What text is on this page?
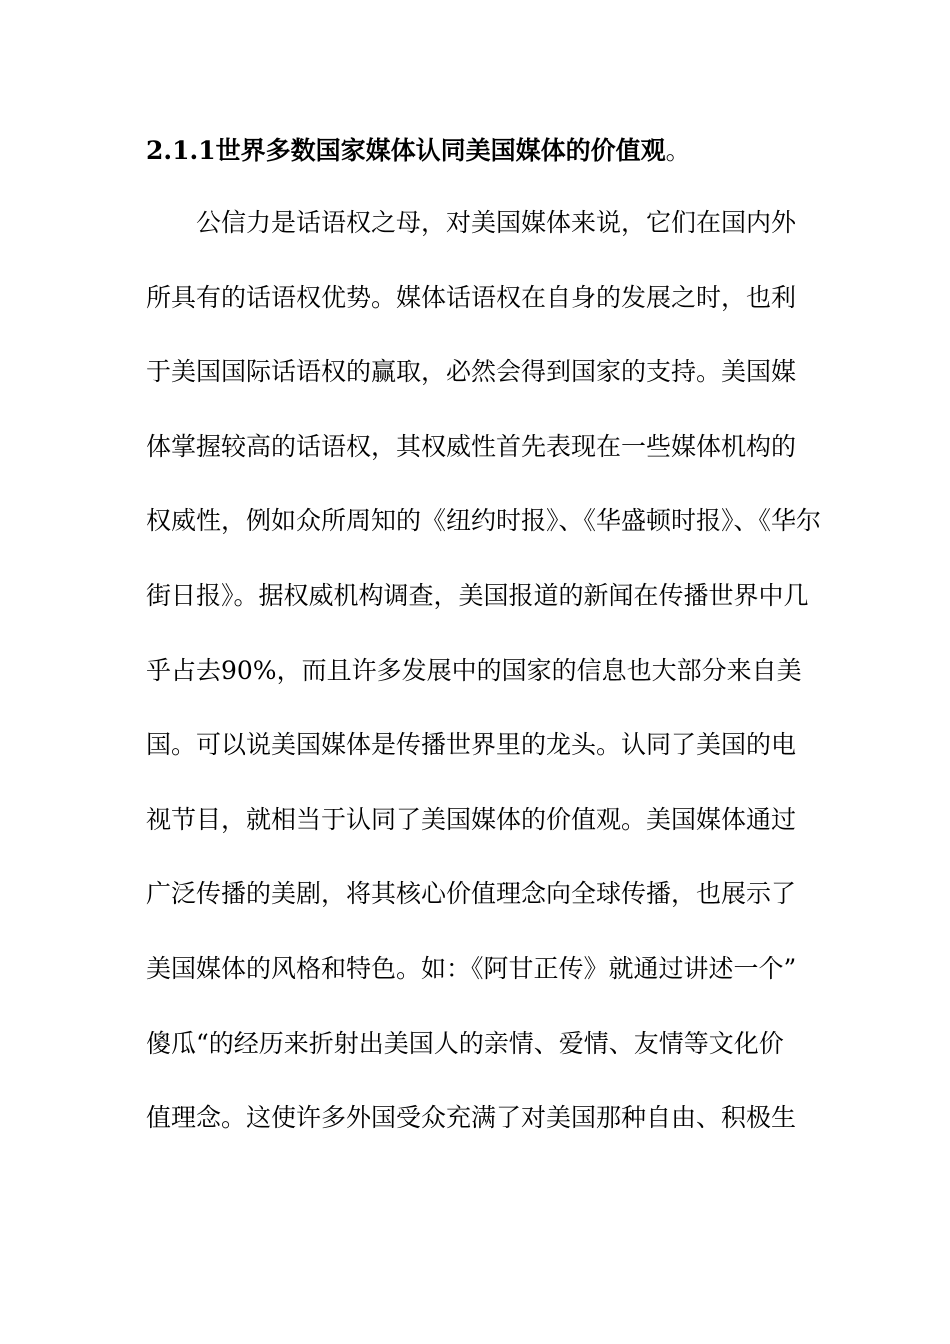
2.1.1世界多数国家媒体认同美国媒体的价值观。
公信力是话语权之母，对美国媒体来说，它们在国内外
所具有的话语权优势。媒体话语权在自身的发展之时，也利
于美国国际话语权的赢取，必然会得到国家的支持。美国媒
体掌握较高的话语权，其权威性首先表现在一些媒体机构的
权威性，例如众所周知的《纽约时报》、《华盛顿时报》、《华尔
街日报》。据权威机构调查，美国报道的新闻在传播世界中几
乎占去90%，而且许多发展中的国家的信息也大部分来自美
国。可以说美国媒体是传播世界里的龙头。认同了美国的电
视节目，就相当于认同了美国媒体的价值观。美国媒体通过
广泛传播的美剧，将其核心价值理念向全球传播，也展示了
美国媒体的风格和特色。如：《阿甘正传》就通过讲述一个”
傻瓜“的经历来折射出美国人的亲情、爱情、友情等文化价
值理念。这使许多外国受众充满了对美国那种自由、积极生
